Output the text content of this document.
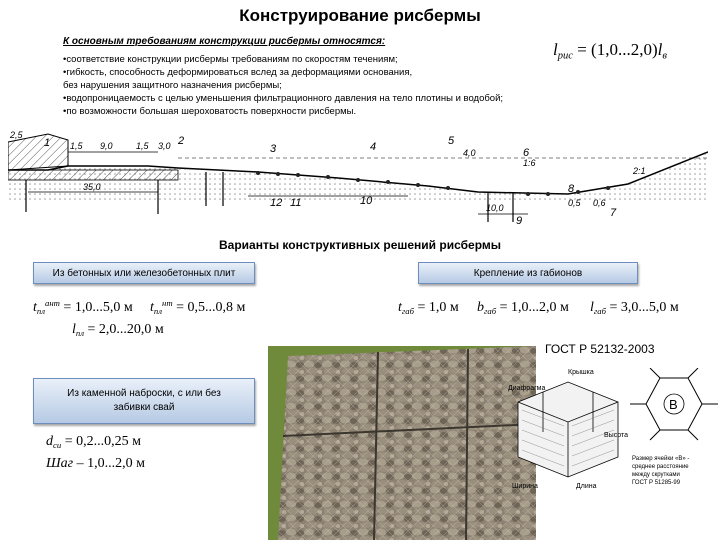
Конструирование рисбермы
К основным требованиям конструкции рисбермы относятся:
•соответствие конструкции рисбермы требованиям по скоростям течениям;
•гибкость, способность деформироваться вслед за деформациями основания,
без нарушения защитного назначения рисбермы;
•водопроницаемость с целью уменьшения фильтрационного давления на тело плотины и водобой;
•по возможности большая шероховатость поверхности рисбермы.
$l_{рис} = (1,0...2,0)l_в$
1,5 9,0	1,5 3,0
2,5
35,0
4,0
1:6
10,0
2:1
0,5 0,6
1	2
3	4	5
6
7
8
9
10
11
12
Варианты конструктивных решений рисбермы
Из бетонных или железобетонных плит
$t_{пл}^{ант} = 1,0...5,0$ м $t_{пл}^{нт} = 0,5...0,8$ м
$l_{пл} = 2,0...20,0$ м
Крепление из габионов
$t_{габ} = 1,0$ м $b_{габ} = 1,0...2,0$ м $l_{габ} = 3,0...5,0$ м
ГОСТ Р 52132-2003
Из каменной наброски, с или без забивки свай
$d_{си} = 0,2...0,25$ м
Шаг – 1,0...2,0 м
Крышка
Диафрагма
Высота
Ширина	Длина
B
Размер ячейки «B» -
среднее расстояние
между скрутками
ГОСТ Р 51285-99
